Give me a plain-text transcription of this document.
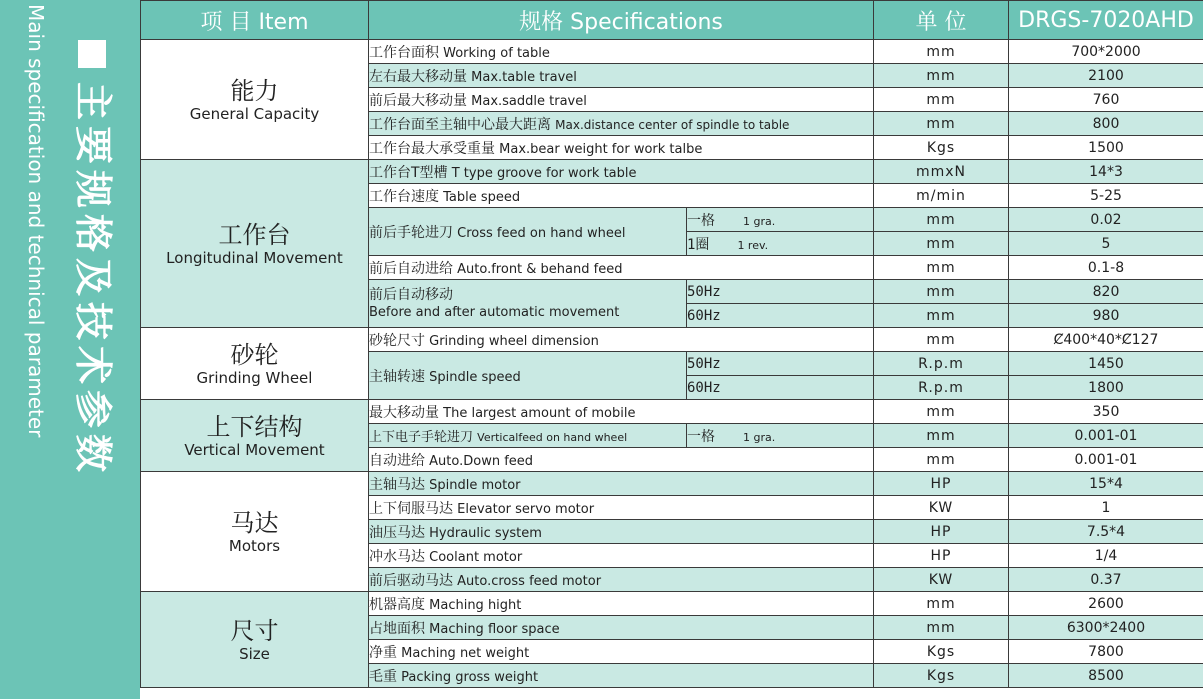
主要规格及技术参数
Main specification and technical parameter	项 目 Item	规格 Specifications		单 位	DRGS-7020AHD

能力
General Capacity	工作台面积 Working of table		mm	700*2000
	左右最大移动量 Max.table travel		mm	2100
	前后最大移动量 Max.saddle travel		mm	760
	工作台面至主轴中心最大距离 Max.distance center of spindle to table		mm	800
	工作台最大承受重量 Max.bear weight for work talbe		Kgs	1500

工作台
Longitudinal Movement	工作台T型槽 T type groove for work table		mmxN	14*3
	工作台速度 Table speed		m/min	5-25
	前后手轮进刀 Cross feed on hand wheel	一格 1 gra.	mm	0.02
		1圈 1 rev.	mm	5
	前后自动进给 Auto.front & behand feed		mm	0.1-8

	前后自动移动
Before and after automatic movement	50Hz	mm	820
		60Hz	mm	980

砂轮
Grinding Wheel	砂轮尺寸 Grinding wheel dimension		mm	Ȼ400*40*Ȼ127
	主轴转速 Spindle speed	50Hz	R.p.m	1450
		60Hz	R.p.m	1800

上下结构
Vertical Movement	最大移动量 The largest amount of mobile		mm	350
	上下电子手轮进刀 Verticalfeed on hand wheel	一格 1 gra.	mm	0.001-01
	自动进给 Auto.Down feed		mm	0.001-01

马达
Motors	主轴马达 Spindle motor		HP	15*4
	上下伺服马达 Elevator servo motor		KW	1
	油压马达 Hydraulic system		HP	7.5*4
	冲水马达 Coolant motor		HP	1/4
	前后驱动马达 Auto.cross feed motor		KW	0.37

尺寸
Size	机器高度 Maching hight		mm	2600
	占地面积 Maching floor space		mm	6300*2400
	净重 Maching net weight		Kgs	7800
	毛重 Packing gross weight		Kgs	8500
